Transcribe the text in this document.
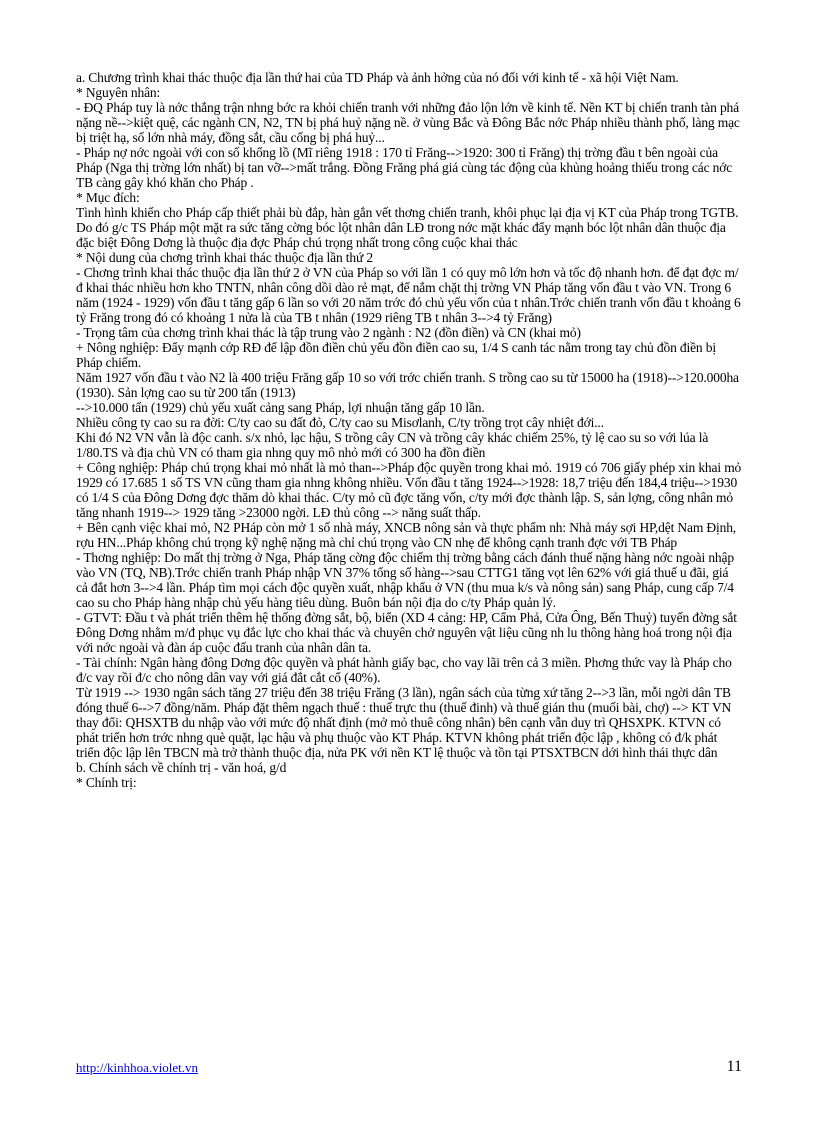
a. Chương trình khai thác thuộc địa lần thứ hai của TD Pháp và ảnh hởng của nó đối với kinh tế - xã hội Việt Nam.

* Nguyên nhân:

- ĐQ Pháp tuy là nớc thắng trận nhng bớc ra khỏi chiến tranh với những đảo lộn lớn về kinh tế. Nền KT bị chiến tranh tàn phá nặng nề-->kiệt quệ, các ngành CN, N2, TN bị phá huỷ nặng nề. ở vùng Bắc và Đông Bắc nớc Pháp nhiều thành phố, làng mạc bị triệt hạ, số lớn nhà máy, đồng sắt, cầu cống bị phá huỷ...

- Pháp nợ nớc ngoài với con số khổng lồ (Mĩ riêng 1918 : 170 tỉ Frăng-->1920: 300 tỉ Frăng) thị trờng đầu t bên ngoài của Pháp (Nga thị trờng lớn nhất) bị tan vỡ-->mất trắng. Đồng Frăng phá giá cùng tác động của khủng hoảng thiếu trong các nớc TB càng gây khó khăn cho Pháp .

* Mục đích:

Tình hình khiến cho Pháp cấp thiết phải bù đắp, hàn gắn vết thơng chiến tranh, khôi phục lại địa vị KT của Pháp trong TGTB. Do đó g/c TS Pháp một mặt ra sức tăng cờng bóc lột nhân dân LĐ trong nớc mặt khác đẩy mạnh bóc lột nhân dân thuộc địa đặc biệt Đông Dơng là thuộc địa đợc Pháp chú trọng nhất trong công cuộc khai thác

* Nội dung của chơng trình khai thác thuộc địa lần thứ 2

- Chơng trình khai thác thuộc địa lần thứ 2 ở VN của Pháp so với lần 1 có quy mô lớn hơn và tốc độ nhanh hơn. để đạt đợc m/đ khai thác nhiều hơn kho TNTN, nhân công dồi dào rẻ mạt, để nắm chặt thị trờng VN Pháp tăng vốn đầu t vào VN. Trong 6 năm (1924 - 1929) vốn đầu t tăng gấp 6 lần so với 20 năm trớc đó chủ yếu vốn của t nhân.Trớc chiến tranh vốn đầu t khoảng 6 tỷ Frăng trong đó có khoảng 1 nửa là của TB t nhân (1929 riêng TB t nhân 3-->4 tỷ Frăng)

- Trọng tâm của chơng trình khai thác là tập trung vào 2 ngành : N2 (đồn điền) và CN (khai mỏ)

+ Nông nghiệp: Đẩy mạnh cớp RĐ để lập đồn điền chủ yếu đồn điền cao su, 1/4 S canh tác nằm trong tay chủ đồn điền bị Pháp chiếm.

Năm 1927 vốn đầu t vào N2 là 400 triệu Frăng gấp 10 so với trớc chiến tranh. S trồng cao su từ 15000 ha (1918)-->120.000ha (1930). Sản lợng cao su từ 200 tấn (1913)

-->10.000 tấn (1929) chủ yếu xuất cảng sang Pháp, lợi nhuận tăng gấp 10 lần.

Nhiều công ty cao su ra đời: C/ty cao su đất đỏ, C/ty cao su Misơlanh, C/ty trồng trọt cây nhiệt đới...

Khi đó N2 VN vẫn là độc canh. s/x nhỏ, lạc hậu, S trồng cây CN và trồng cây khác chiếm 25%, tỷ lệ cao su so với lúa là 1/80.TS và địa chủ VN có tham gia nhng quy mô nhỏ mới có 300 ha đồn điền

+ Công nghiệp: Pháp chú trọng khai mỏ nhất là mỏ than-->Pháp độc quyền trong khai mỏ. 1919 có 706 giấy phép xin khai mỏ 1929 có 17.685 1 số TS VN cũng tham gia nhng không nhiều. Vốn đầu t tăng 1924-->1928: 18,7 triệu đến 184,4 triệu-->1930 có 1/4 S của Đông Dơng đợc thăm dò khai thác. C/ty mỏ cũ đợc tăng vốn, c/ty mới đợc thành lập. S, sản lợng, công nhân mỏ tăng nhanh 1919--> 1929 tăng >23000 ngời. LĐ thủ công --> năng suất thấp.

+ Bên cạnh việc khai mỏ, N2 PHáp còn mở 1 số nhà máy, XNCB nông sản và thực phẩm nh: Nhà máy sợi HP,dệt Nam Định, rợu HN...Pháp không chú trọng kỹ nghệ nặng mà chỉ chú trọng vào CN nhẹ để không cạnh tranh đợc với TB Pháp

- Thơng nghiệp: Do mất thị trờng ở Nga, Pháp tăng cờng độc chiếm thị trờng bằng cách đánh thuế nặng hàng nớc ngoài nhập vào VN (TQ, NB).Trớc chiến tranh Pháp nhập VN 37% tổng số hàng-->sau CTTG1 tăng vọt lên 62% với giá thuế u đãi, giá cả đắt hơn 3-->4 lần. Pháp tìm mọi cách độc quyền xuất, nhập khẩu ở VN (thu mua k/s và nông sản) sang Pháp, cung cấp 7/4 cao su cho Pháp hàng nhập chủ yếu hàng tiêu dùng. Buôn bán nội địa do c/ty Pháp quản lý.

- GTVT: Đầu t và phát triển thêm hệ thống đờng sắt, bộ, biển (XD 4 cảng: HP, Cẩm Phả, Cửa Ông, Bến Thuỷ) tuyến đờng sắt Đông Dơng nhằm m/đ phục vụ đắc lực cho khai thác và chuyên chở nguyên vật liệu cũng nh lu thông hàng hoá trong nội địa với nớc ngoài và đàn áp cuộc đấu tranh của nhân dân ta.

- Tài chính: Ngân hàng đông Dơng độc quyền và phát hành giấy bạc, cho vay lãi trên cả 3 miền. Phơng thức vay là Pháp cho đ/c vay rồi đ/c cho nông dân vay với giá đắt cắt cổ (40%).

Từ 1919 --> 1930 ngân sách tăng 27 triệu đến 38 triệu Frăng (3 lần), ngân sách của từng xứ tăng 2-->3 lần, mỗi ngời dân TB đóng thuế 6-->7 đồng/năm. Pháp đặt thêm ngạch thuế : thuế trực thu (thuế đinh) và thuế gián thu (muối bài, chợ) --> KT VN thay đổi: QHSXTB du nhập vào với mức độ nhất định (mở mỏ thuê công nhân) bên cạnh vẫn duy trì QHSXPK. KTVN có phát triển hơn trớc nhng què quặt, lạc hậu và phụ thuộc vào KT Pháp. KTVN không phát triển độc lập , không có đ/k phát triển độc lập lên TBCN mà trở thành thuộc địa, nửa PK với nền KT lệ thuộc và tồn tại PTSXTBCN dới hình thái thực dân

b. Chính sách về chính trị - văn hoá, g/d

* Chính trị:

http://kinhhoa.violet.vn	11
